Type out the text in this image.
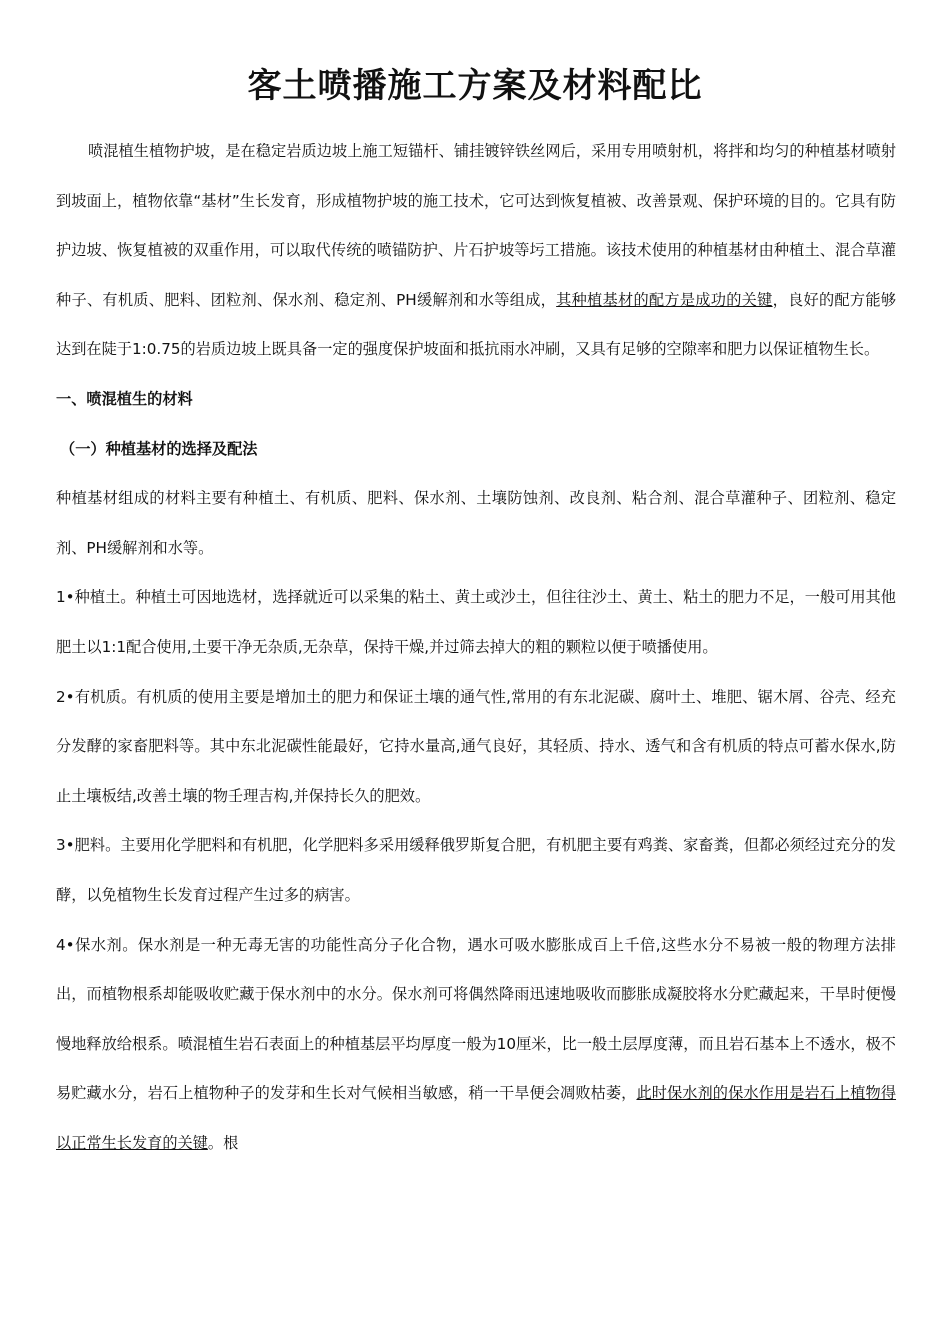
客土喷播施工方案及材料配比

喷混植生植物护坡，是在稳定岩质边坡上施工短锚杆、铺挂镀锌铁丝网后，采用专用喷射机，将拌和均匀的种植基材喷射到坡面上，植物依靠“基材”生长发育，形成植物护坡的施工技术，它可达到恢复植被、改善景观、保护环境的目的。它具有防护边坡、恢复植被的双重作用，可以取代传统的喷锚防护、片石护坡等圬工措施。该技术使用的种植基材由种植土、混合草灌种子、有机质、肥料、团粒剂、保水剂、稳定剂、PH缓解剂和水等组成，其种植基材的配方是成功的关键，良好的配方能够达到在陡于1:0.75的岩质边坡上既具备一定的强度保护坡面和抵抗雨水冲刷，又具有足够的空隙率和肥力以保证植物生长。

一、喷混植生的材料

（一）种植基材的选择及配法

种植基材组成的材料主要有种植土、有机质、肥料、保水剂、土壤防蚀剂、改良剂、粘合剂、混合草灌种子、团粒剂、稳定剂、PH缓解剂和水等。

1•种植土。种植土可因地选材，选择就近可以采集的粘土、黄土或沙土，但往往沙土、黄土、粘土的肥力不足，一般可用其他肥土以1:1配合使用,土要干净无杂质,无杂草，保持干燥,并过筛去掉大的粗的颗粒以便于喷播使用。

2•有机质。有机质的使用主要是增加土的肥力和保证土壤的通气性,常用的有东北泥碳、腐叶土、堆肥、锯木屑、谷壳、经充分发酵的家畜肥料等。其中东北泥碳性能最好，它持水量高,通气良好，其轻质、持水、透气和含有机质的特点可蓄水保水,防止土壤板结,改善土壤的物壬理吉构,并保持长久的肥效。

3•肥料。主要用化学肥料和有机肥，化学肥料多采用缓释俄罗斯复合肥，有机肥主要有鸡粪、家畜粪，但都必须经过充分的发酵，以免植物生长发育过程产生过多的病害。

4•保水剂。保水剂是一种无毒无害的功能性高分子化合物，遇水可吸水膨胀成百上千倍,这些水分不易被一般的物理方法排出，而植物根系却能吸收贮藏于保水剂中的水分。保水剂可将偶然降雨迅速地吸收而膨胀成凝胶将水分贮藏起来，干旱时便慢慢地释放给根系。喷混植生岩石表面上的种植基层平均厚度一般为10厘米，比一般土层厚度薄，而且岩石基本上不透水，极不易贮藏水分，岩石上植物种子的发芽和生长对气候相当敏感，稍一干旱便会凋败枯萎，此时保水剂的保水作用是岩石上植物得以正常生长发育的关键。根
